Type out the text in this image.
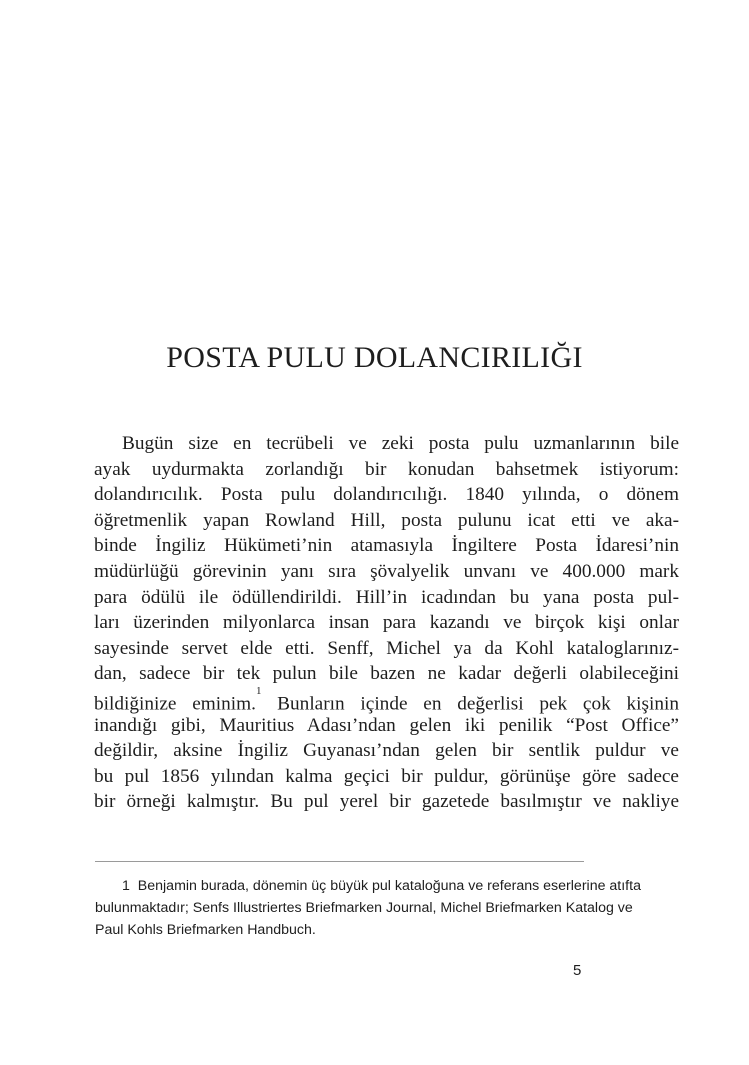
POSTA PULU DOLANCIRILIĞI
Bugün size en tecrübeli ve zeki posta pulu uzmanlarının bile
ayak uydurmakta zorlandığı bir konudan bahsetmek istiyorum:
dolandırıcılık. Posta pulu dolandırıcılığı. 1840 yılında, o dönem
öğretmenlik yapan Rowland Hill, posta pulunu icat etti ve aka-
binde İngiliz Hükümeti’nin atamasıyla İngiltere Posta İdaresi’nin
müdürlüğü görevinin yanı sıra şövalyelik unvanı ve 400.000 mark
para ödülü ile ödüllendirildi. Hill’in icadından bu yana posta pul-
ları üzerinden milyonlarca insan para kazandı ve birçok kişi onlar
sayesinde servet elde etti. Senff, Michel ya da Kohl kataloglarınız-
dan, sadece bir tek pulun bile bazen ne kadar değerli olabileceğini
bildiğinize eminim.$^1$ Bunların içinde en değerlisi pek çok kişinin
inandığı gibi, Mauritius Adası’ndan gelen iki penilik “Post Office”
değildir, aksine İngiliz Guyanası’ndan gelen bir sentlik puldur ve
bu pul 1856 yılından kalma geçici bir puldur, görünüşe göre sadece
bir örneği kalmıştır. Bu pul yerel bir gazetede basılmıştır ve nakliye
1 Benjamin burada, dönemin üç büyük pul kataloğuna ve referans eserlerine atıfta
bulunmaktadır; Senfs Illustriertes Briefmarken Journal, Michel Briefmarken Katalog ve
Paul Kohls Briefmarken Handbuch.
5
